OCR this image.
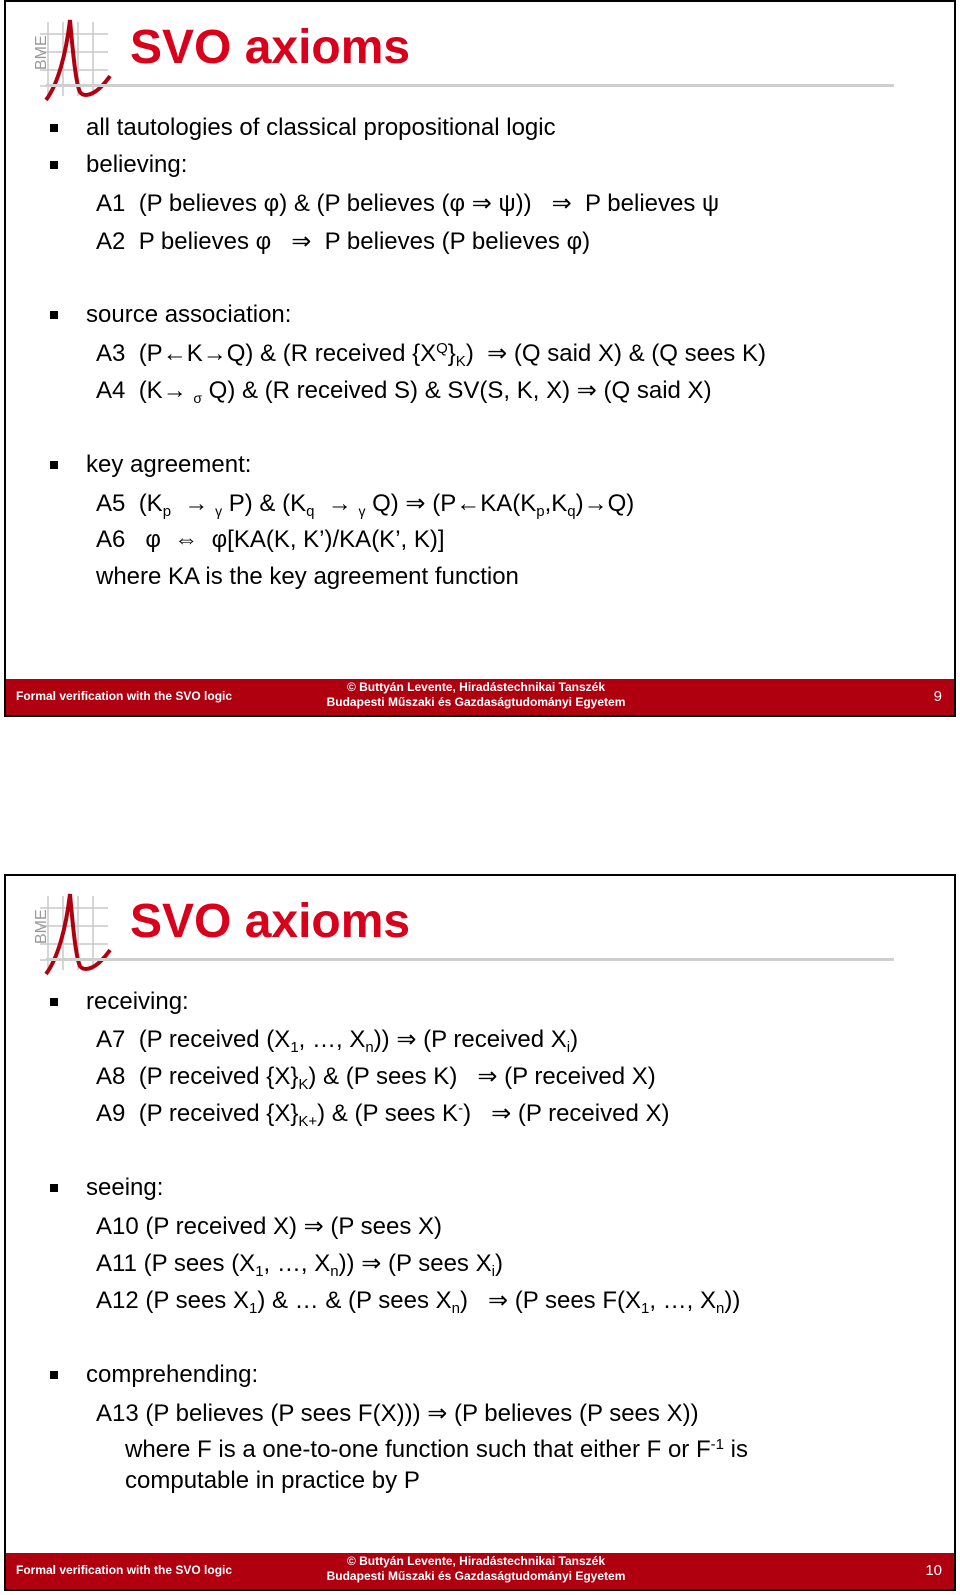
BME SVO axioms
all tautologies of classical propositional logic
believing:
A1  (P believes φ) & (P believes (φ ⇒ ψ))   ⇒  P believes ψ
A2  P believes φ   ⇒  P believes (P believes φ)
source association:
A3  (P←K→Q) & (R received $\{X^Q\}_K$)  ⇒ (Q said X) & (Q sees K)
A4  (K→ $_\sigma$ Q) & (R received S) & SV(S, K, X) ⇒ (Q said X)
key agreement:
A5  ($K_p \to _\gamma$ P) & ($K_q \to _\gamma$ Q) ⇒ $(P\leftarrow KA(K_p,K_q)\to Q)$
A6   φ  ⇔  φ[KA(K, K’)/KA(K’, K)]
where KA is the key agreement function
Formal verification with the SVO logic
© Buttyán Levente, Hiradástechnikai Tanszék
Budapesti Műszaki és Gazdaságtudományi Egyetem	9
BME SVO axioms
receiving:
A7  (P received ($X_1$, …, $X_n$)) ⇒ (P received $X_i$)
A8  (P received $\{X\}_K$) & (P sees K)   ⇒ (P received X)
A9  (P received $\{X\}_{K+}$) & (P sees K-)   ⇒ (P received X)
seeing:
A10 (P received X) ⇒ (P sees X)
A11 (P sees ($X_1$, …, $X_n$)) ⇒ (P sees $X_i$)
A12 (P sees $X_1$) & … & (P sees $X_n$)   ⇒ (P sees $F(X_1$, …, $X_n$))
comprehending:
A13 (P believes (P sees F(X))) ⇒ (P believes (P sees X))
where F is a one-to-one function such that either F or $F^{-1}$ is
computable in practice by P
Formal verification with the SVO logic
© Buttyán Levente, Hiradástechnikai Tanszék
Budapesti Műszaki és Gazdaságtudományi Egyetem	10
